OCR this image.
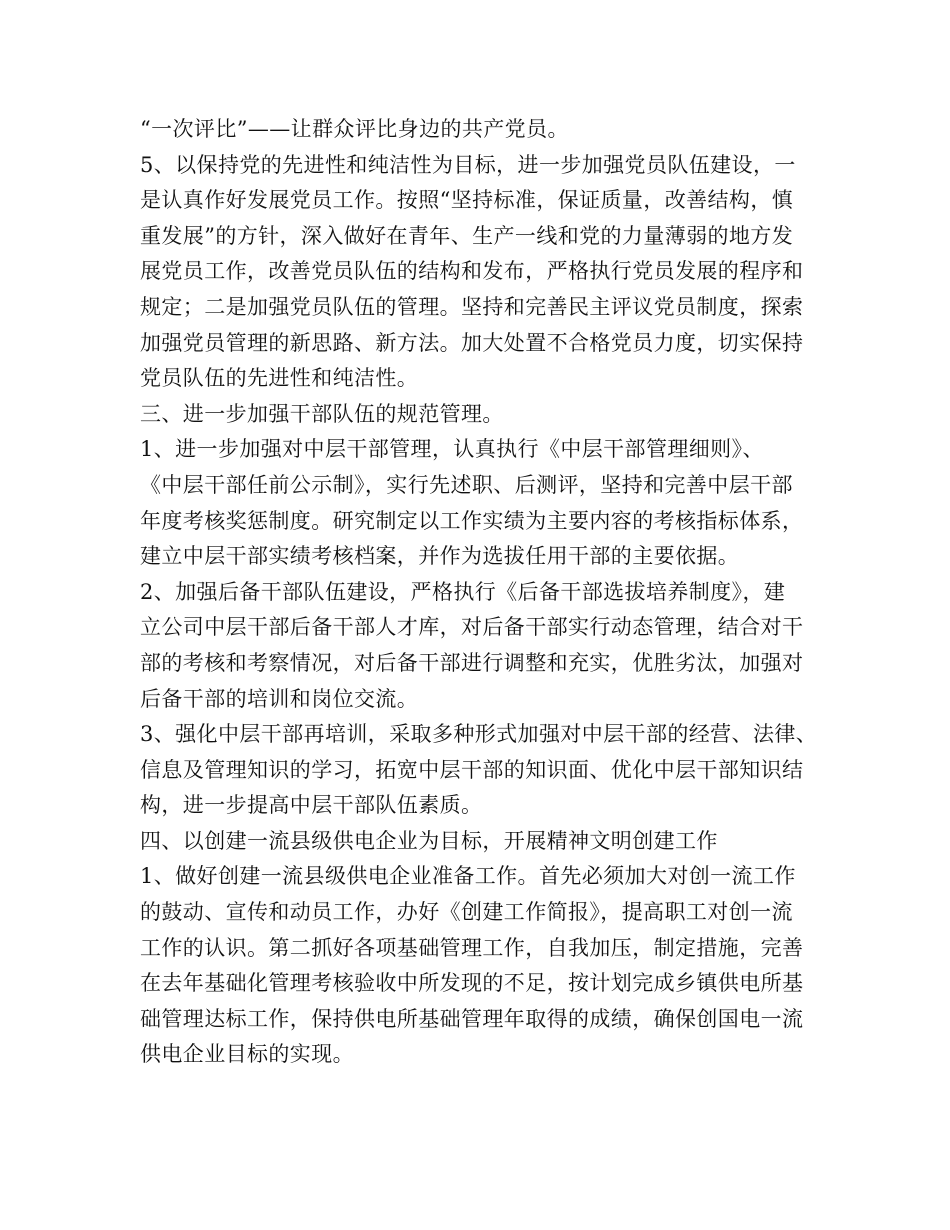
“一次评比”——让群众评比身边的共产党员。
5、以保持党的先进性和纯洁性为目标，进一步加强党员队伍建设，一
是认真作好发展党员工作。按照“坚持标准，保证质量，改善结构，慎
重发展”的方针，深入做好在青年、生产一线和党的力量薄弱的地方发
展党员工作，改善党员队伍的结构和发布，严格执行党员发展的程序和
规定；二是加强党员队伍的管理。坚持和完善民主评议党员制度，探索
加强党员管理的新思路、新方法。加大处置不合格党员力度，切实保持
党员队伍的先进性和纯洁性。
三、进一步加强干部队伍的规范管理。
1、进一步加强对中层干部管理，认真执行《中层干部管理细则》、
《中层干部任前公示制》，实行先述职、后测评，坚持和完善中层干部
年度考核奖惩制度。研究制定以工作实绩为主要内容的考核指标体系，
建立中层干部实绩考核档案，并作为选拔任用干部的主要依据。
2、加强后备干部队伍建设，严格执行《后备干部选拔培养制度》，建
立公司中层干部后备干部人才库，对后备干部实行动态管理，结合对干
部的考核和考察情况，对后备干部进行调整和充实，优胜劣汰，加强对
后备干部的培训和岗位交流。
3、强化中层干部再培训，采取多种形式加强对中层干部的经营、法律、
信息及管理知识的学习，拓宽中层干部的知识面、优化中层干部知识结
构，进一步提高中层干部队伍素质。
四、以创建一流县级供电企业为目标，开展精神文明创建工作
1、做好创建一流县级供电企业准备工作。首先必须加大对创一流工作
的鼓动、宣传和动员工作，办好《创建工作简报》，提高职工对创一流
工作的认识。第二抓好各项基础管理工作，自我加压，制定措施，完善
在去年基础化管理考核验收中所发现的不足，按计划完成乡镇供电所基
础管理达标工作，保持供电所基础管理年取得的成绩，确保创国电一流
供电企业目标的实现。
